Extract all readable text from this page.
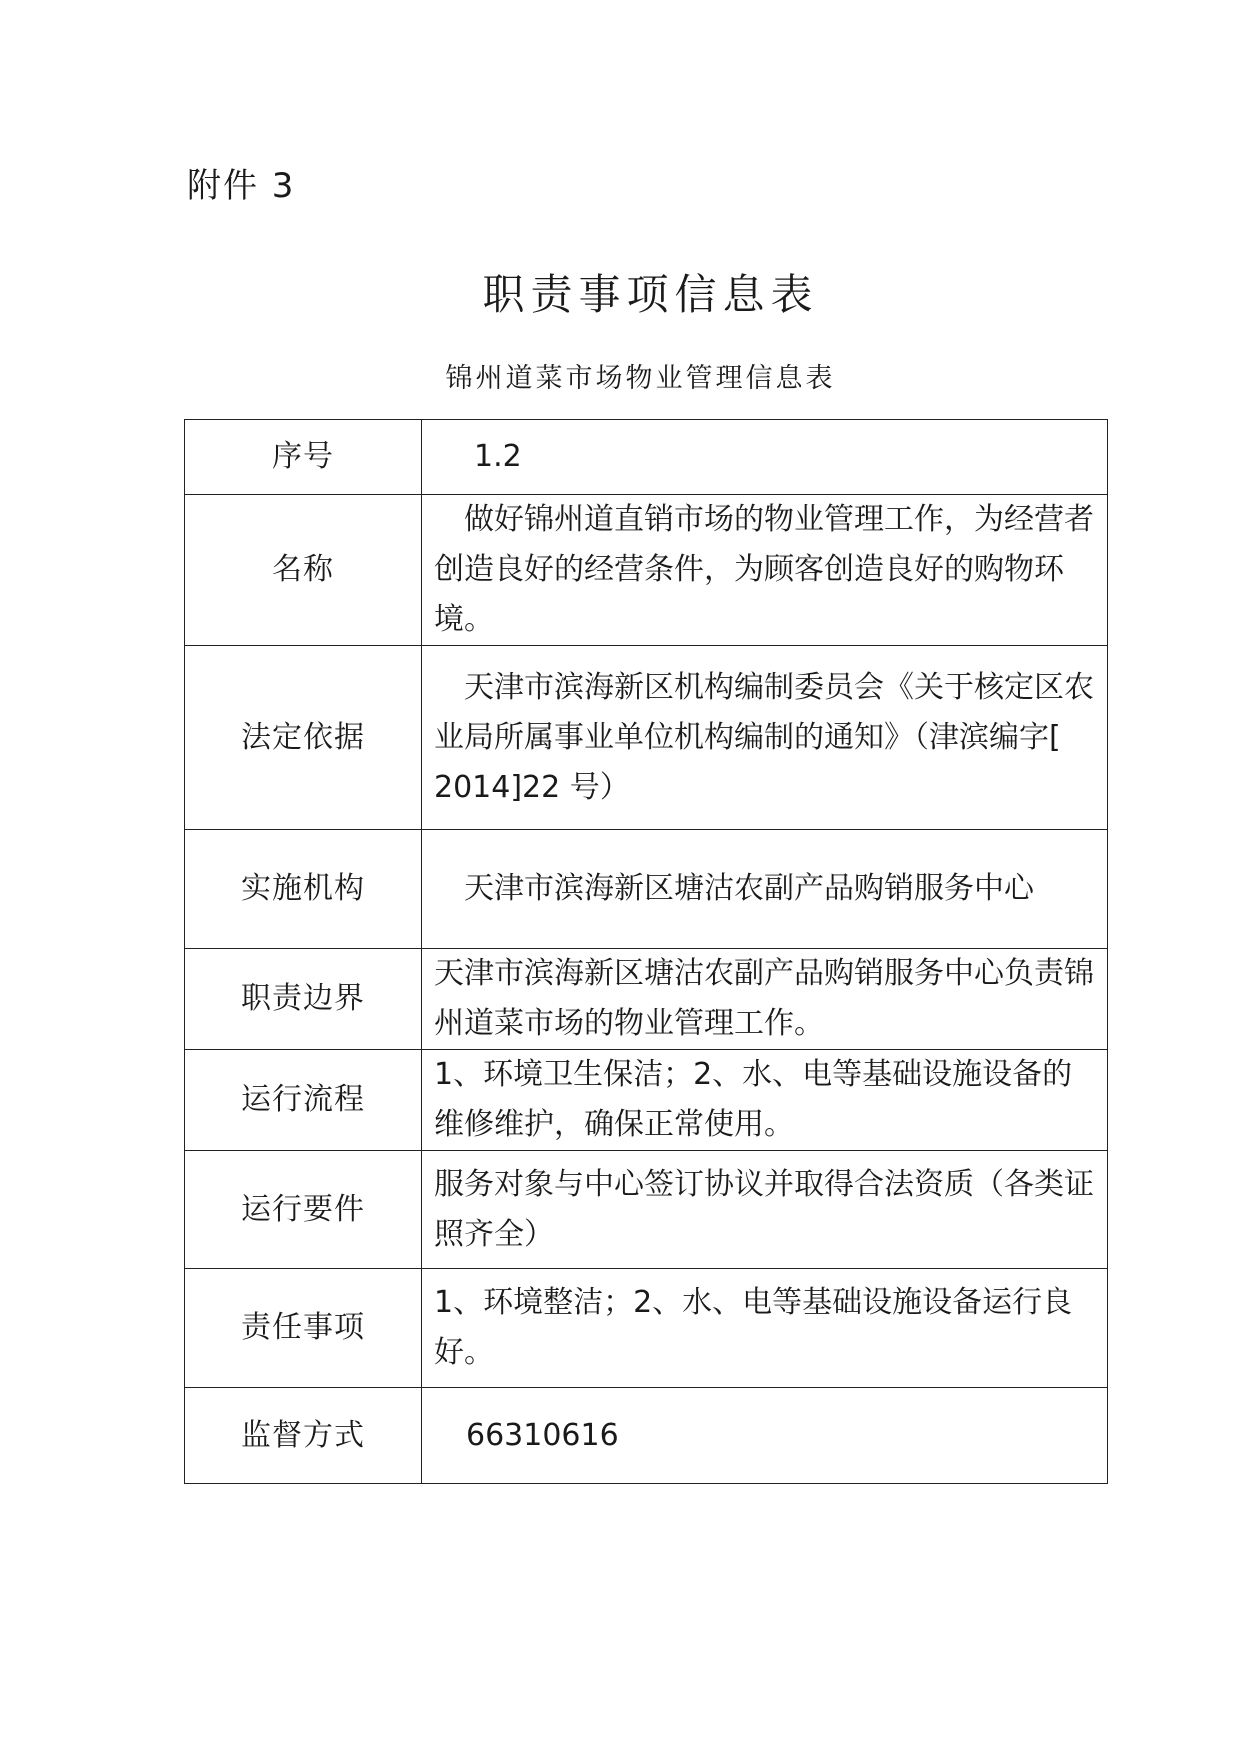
附件 3
职责事项信息表
锦州道菜市场物业管理信息表
序号	1.2
名称	做好锦州道直销市场的物业管理工作，为经营者创造良好的经营条件，为顾客创造良好的购物环境。
法定依据	天津市滨海新区机构编制委员会《关于核定区农业局所属事业单位机构编制的通知》（津滨编字[ 2014]22 号）
实施机构	天津市滨海新区塘沽农副产品购销服务中心
职责边界	天津市滨海新区塘沽农副产品购销服务中心负责锦州道菜市场的物业管理工作。
运行流程	1、环境卫生保洁；2、水、电等基础设施设备的维修维护，确保正常使用。
运行要件	服务对象与中心签订协议并取得合法资质（各类证照齐全）
责任事项	1、环境整洁；2、水、电等基础设施设备运行良好。
监督方式	66310616
